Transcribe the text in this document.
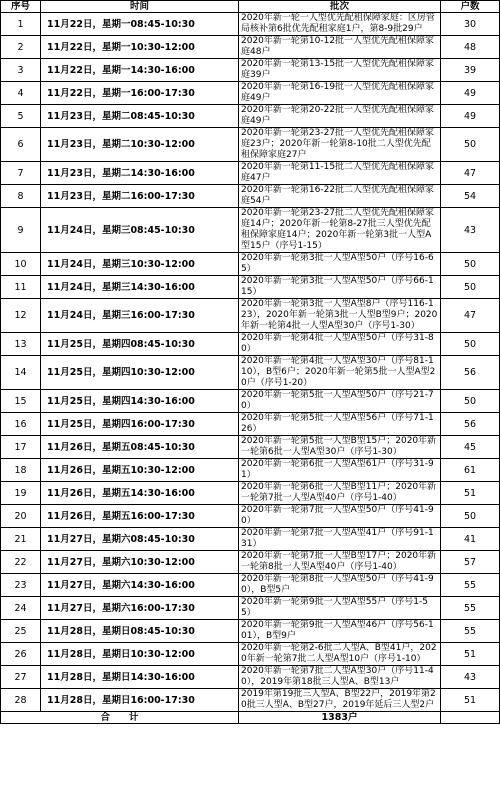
序号	时间	批次	户数
1	11月22日，星期一08:45-10:30	2020年新一轮一人型优先配租保障家庭：区房管局核补第6批优先配租家庭1户，第8-9批29户	30
2	11月22日，星期一10:30-12:00	2020年新一轮第10-12批一人型优先配租保障家庭48户	48
3	11月22日，星期一14:30-16:00	2020年新一轮第13-15批一人型优先配租保障家庭39户	39
4	11月22日，星期一16:00-17:30	2020年新一轮第16-19批一人型优先配租保障家庭49户	49
5	11月23日，星期二08:45-10:30	2020年新一轮第20-22批一人型优先配租保障家庭49户	49
6	11月23日，星期二10:30-12:00	2020年新一轮第23-27批一人型优先配租保障家庭23户；2020年新一轮第8-10批二人型优先配租保障家庭27户	50
7	11月23日，星期二14:30-16:00	2020年新一轮第11-15批二人型优先配租保障家庭47户	47
8	11月23日，星期二16:00-17:30	2020年新一轮第16-22批二人型优先配租保障家庭54户	54
9	11月24日，星期三08:45-10:30	2020年新一轮第23-27批二人型优先配租保障家庭14户；2020年新一轮第8-27批三人型优先配租保障家庭14户；2020年新一轮第3批一人型A型15户（序号1-15）	43
10	11月24日，星期三10:30-12:00	2020年新一轮第3批一人型A型50户（序号16-65）	50
11	11月24日，星期三14:30-16:00	2020年新一轮第3批一人型A型50户（序号66-115）	50
12	11月24日，星期三16:00-17:30	2020年新一轮第3批一人型A型8户（序号116-123），2020年新一轮第3批一人型B型9户；2020年新一轮第4批一人型A型30户（序号1-30）	47
13	11月25日，星期四08:45-10:30	2020年新一轮第4批一人型A型50户（序号31-80）	50
14	11月25日，星期四10:30-12:00	2020年新一轮第4批一人型A型30户（序号81-110），B型6户；2020年新一轮第5批一人型A型20户（序号1-20）	56
15	11月25日，星期四14:30-16:00	2020年新一轮第5批一人型A型50户（序号21-70）	50
16	11月25日，星期四16:00-17:30	2020年新一轮第5批一人型A型56户（序号71-126）	56
17	11月26日，星期五08:45-10:30	2020年新一轮第5批一人型B型15户；2020年新一轮第6批一人型A型30户（序号1-30）	45
18	11月26日，星期五10:30-12:00	2020年新一轮第6批一人型A型61户（序号31-91）	61
19	11月26日，星期五14:30-16:00	2020年新一轮第6批一人型B型11户；2020年新一轮第7批一人型A型40户（序号1-40）	51
20	11月26日，星期五16:00-17:30	2020年新一轮第7批一人型A型50户（序号41-90）	50
21	11月27日，星期六08:45-10:30	2020年新一轮第7批一人型A型41户（序号91-131）	41
22	11月27日，星期六10:30-12:00	2020年新一轮第7批一人型B型17户；2020年新一轮第8批一人型A型40户（序号1-40）	57
23	11月27日，星期六14:30-16:00	2020年新一轮第8批一人型A型50户（序号41-90），B型5户	55
24	11月27日，星期六16:00-17:30	2020年新一轮第9批一人型A型55户（序号1-55）	55
25	11月28日，星期日08:45-10:30	2020年新一轮第9批一人型A型46户（序号56-101），B型9户	55
26	11月28日，星期日10:30-12:00	2020年新一轮第2-6批二人型A、B型41户，2020年新一轮第7批二人型A型10户（序号1-10）	51
27	11月28日，星期日14:30-16:00	2020年新一轮第7批二人型A型30户（序号11-40），2019年第18批三人型A、B型13户	43
28	11月28日，星期日16:00-17:30	2019年第19批三人型A、B型22户，2019年第20批三人型A、B型27户，2019年延后三人型2户	51
合　　计		1383户	
